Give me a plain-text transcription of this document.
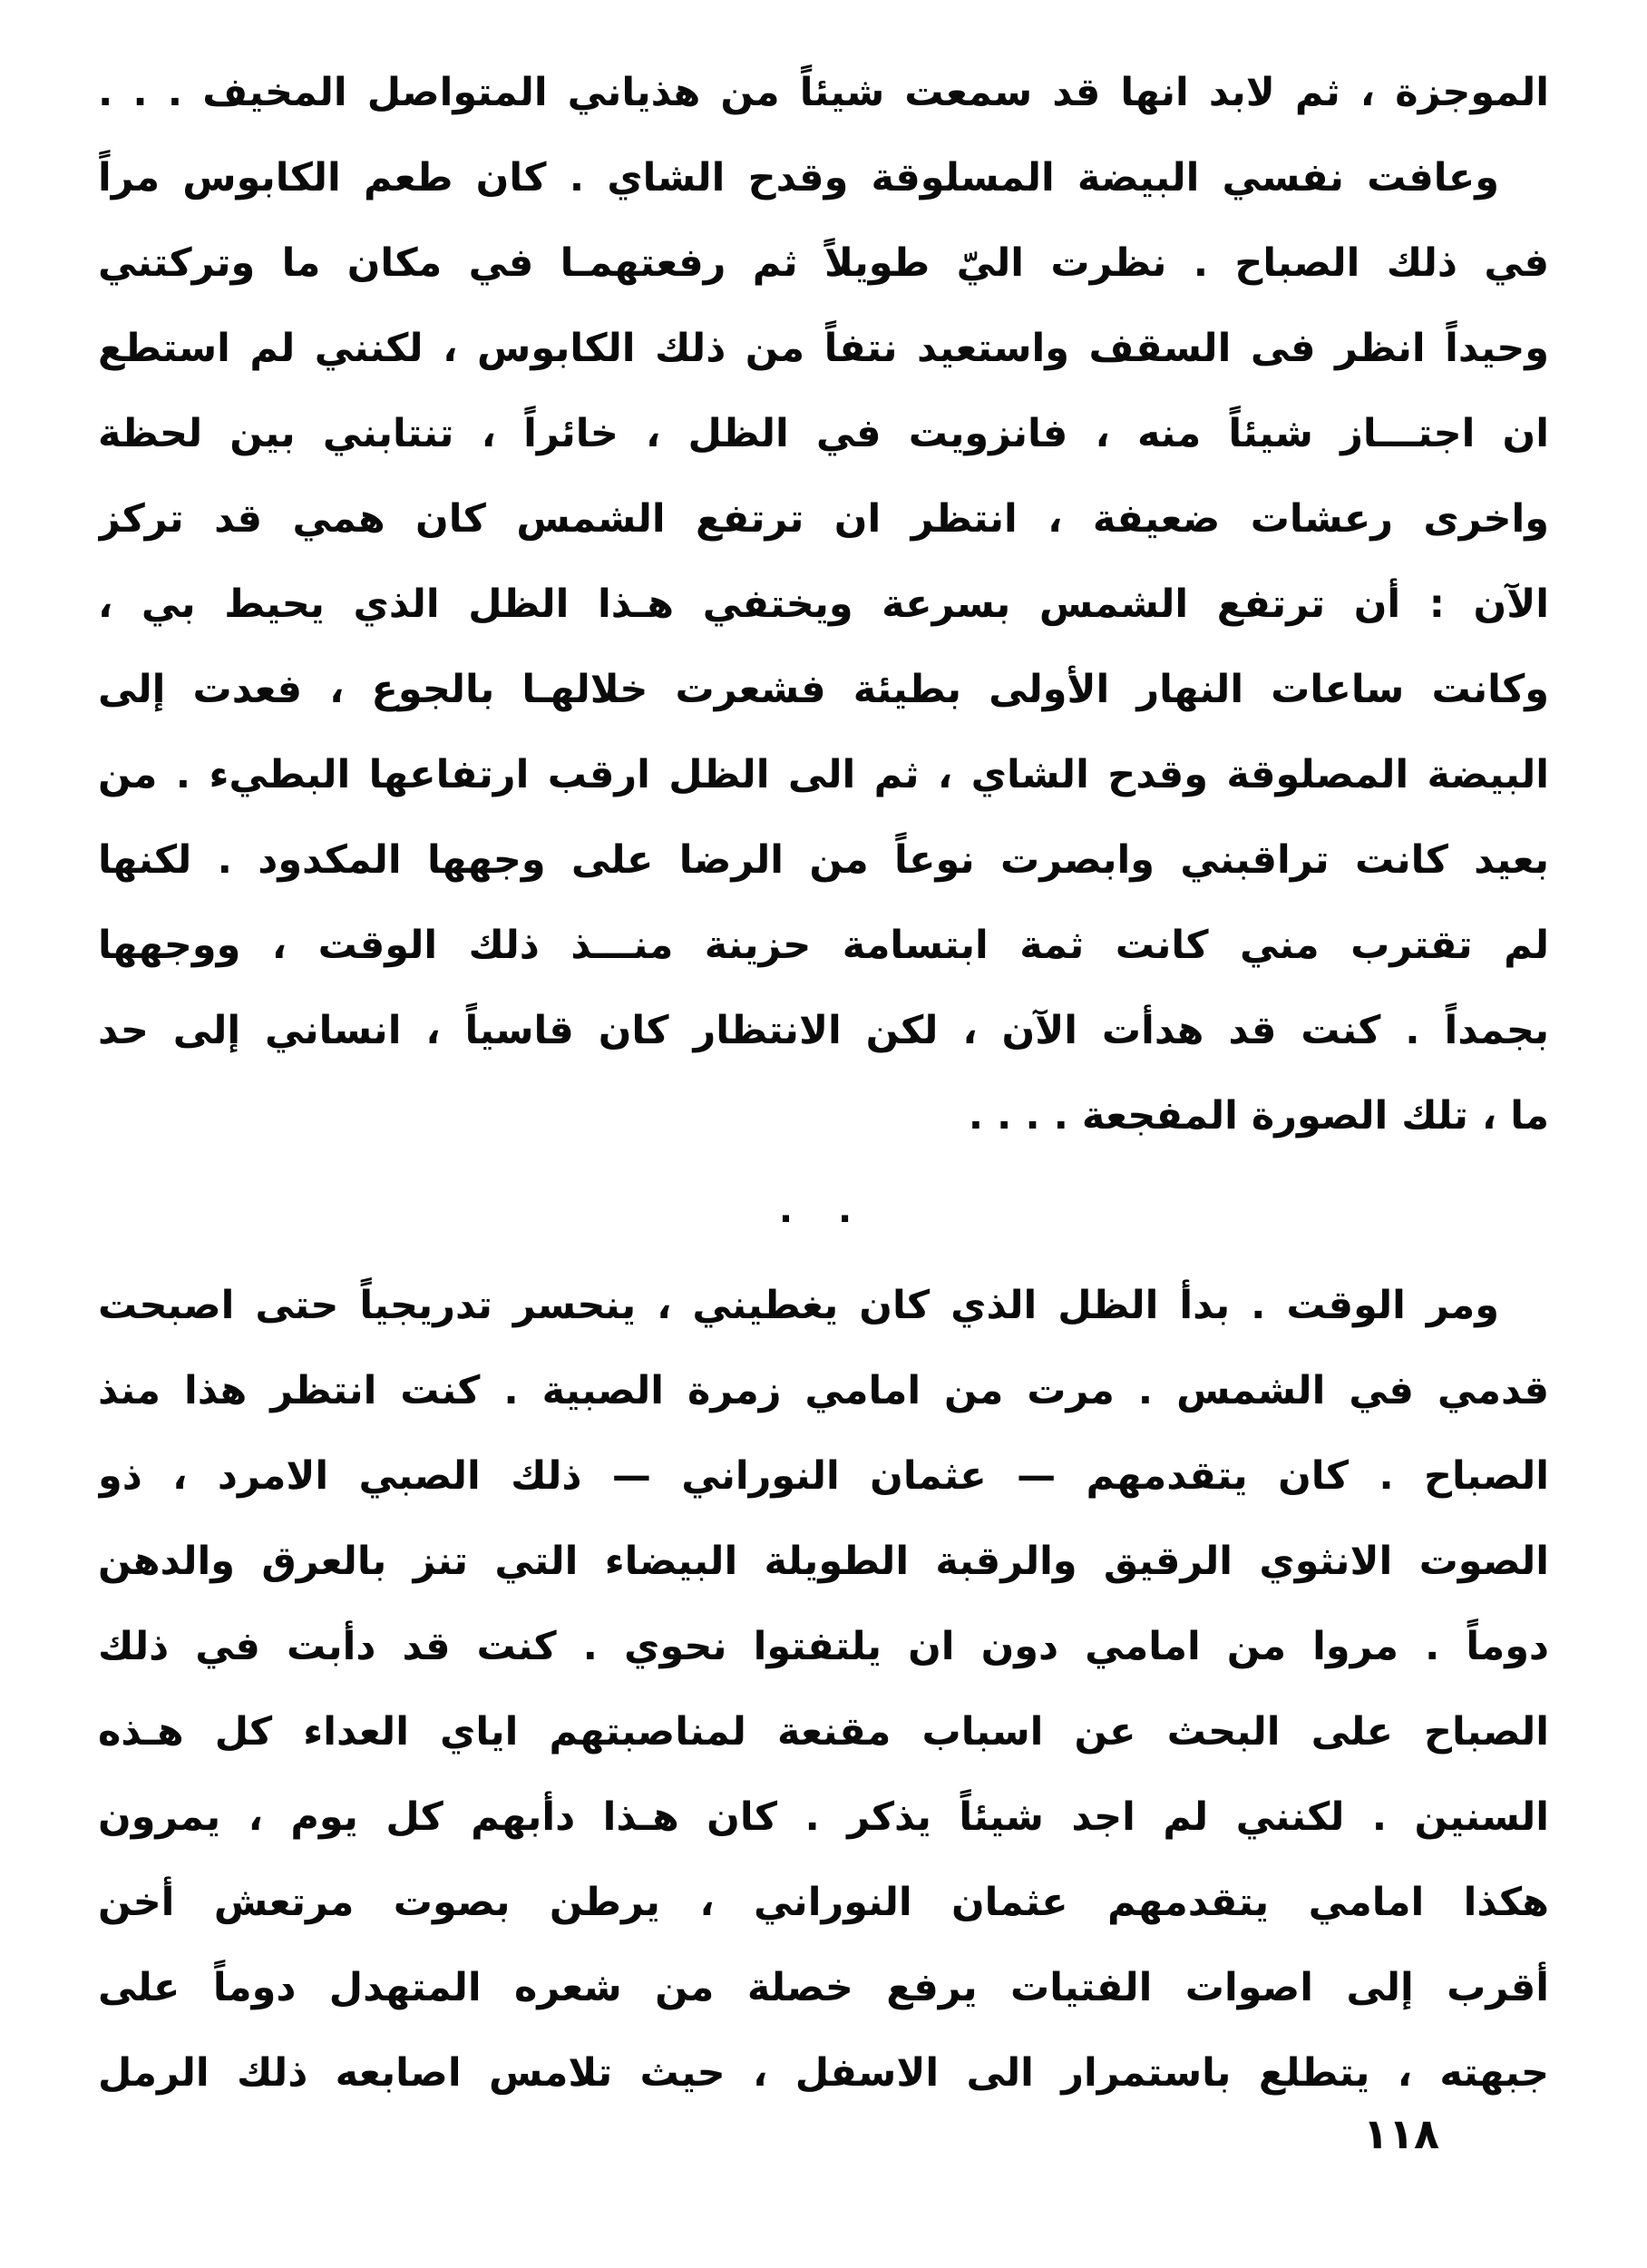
الموجزة ، ثم لابد انها قد سمعت شيئاً من هذياني المتواصل المخيف . . .
وعافت نفسي البيضة المسلوقة وقدح الشاي . كان طعم الكابوس مراً
في ذلك الصباح . نظرت اليّ طويلاً ثم رفعتهمـا في مكان ما وتركتني
وحيداً انظر فى السقف واستعيد نتفاً من ذلك الكابوس ، لكنني لم استطع
ان اجتـــاز شيئاً منه ، فانزويت في الظل ، خائراً ، تنتابني بين لحظة
واخرى رعشات ضعيفة ، انتظر ان ترتفع الشمس كان همي قد تركز
الآن : أن ترتفع الشمس بسرعة ويختفي هـذا الظل الذي يحيط بي ،
وكانت ساعات النهار الأولى بطيئة فشعرت خلالهـا بالجوع ، فعدت إلى
البيضة المصلوقة وقدح الشاي ، ثم الى الظل ارقب ارتفاعها البطيء . من
بعيد كانت تراقبني وابصرت نوعاً من الرضا على وجهها المكدود . لكنها
لم تقترب مني كانت ثمة ابتسامة حزينة منـــذ ذلك الوقت ، ووجهها
بجمداً . كنت قد هدأت الآن ، لكن الانتظار كان قاسياً ، انساني إلى حد
ما ، تلك الصورة المفجعة . . . .
. .
ومر الوقت . بدأ الظل الذي كان يغطيني ، ينحسر تدريجياً حتى اصبحت
قدمي في الشمس . مرت من امامي زمرة الصبية . كنت انتظر هذا منذ
الصباح . كان يتقدمهم — عثمان النوراني — ذلك الصبي الامرد ، ذو
الصوت الانثوي الرقيق والرقبة الطويلة البيضاء التي تنز بالعرق والدهن
دوماً . مروا من امامي دون ان يلتفتوا نحوي . كنت قد دأبت في ذلك
الصباح على البحث عن اسباب مقنعة لمناصبتهم اياي العداء كل هـذه
السنين . لكنني لم اجد شيئاً يذكر . كان هـذا دأبهم كل يوم ، يمرون
هكذا امامي يتقدمهم عثمان النوراني ، يرطن بصوت مرتعش أخن
أقرب إلى اصوات الفتيات يرفع خصلة من شعره المتهدل دوماً على
جبهته ، يتطلع باستمرار الى الاسفل ، حيث تلامس اصابعه ذلك الرمل
١١٨
